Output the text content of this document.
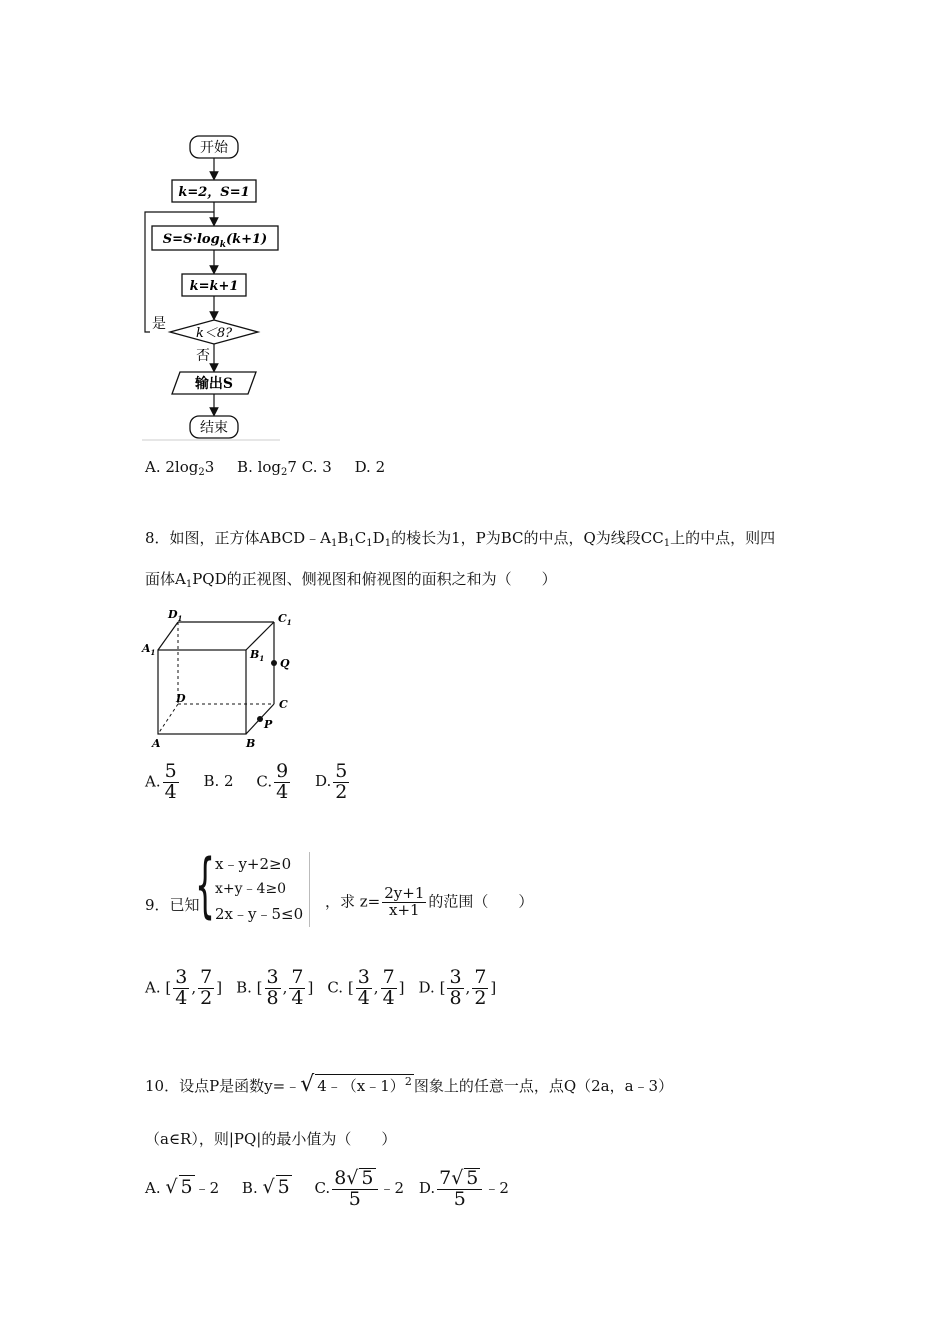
开始
k=2，S=1
$S=S\cdot\log_k(k+1)$
k=k+1
k＜8?
是
否
输出S
结束
A. $2\log_23$ B. $\log_27$ C. 3 D. 2
8．如图，正方体$ABCD﹣A_1B_1C_1D_1$的棱长为1，P为BC的中点，Q为线段$CC_1$上的中点，则四
面体$A_1PQD$的正视图、侧视图和俯视图的面积之和为（　　）
$D_1$	$C_1$
$A_1$	$B_1$ Q
D	C
P
A	B
A. $\frac{5}{4} B$. 2 C. $\frac{9}{4} D$. $\frac{5}{2}$
9．已知
{ x﹣y+2≥0
x+y﹣4≥0
2x﹣y﹣5≤0
，求 $z= \frac{2y+1}{x+1}$ 的范围（　　）
A. [ $\frac{3}{4}$ , $\frac{7}{2}$ ] B. [ $\frac{3}{8}$ , $\frac{7}{4}$ ] C. [ $\frac{3}{4}$ , $\frac{7}{4}$ ] D. [ $\frac{3}{8}$ , $\frac{7}{2}$ ]
10．设点P是函数y=﹣√ 4﹣（x﹣1）$^2$ 图象上的任意一点，点Q（2a，a﹣3）
（a∈R），则|PQ|的最小值为（　　）
A. √ 5 ﹣2 B. √ 5 C. $\frac{8√ 5}{5}$ ﹣2 D. $\frac{7√ 5}{5}$ ﹣2
